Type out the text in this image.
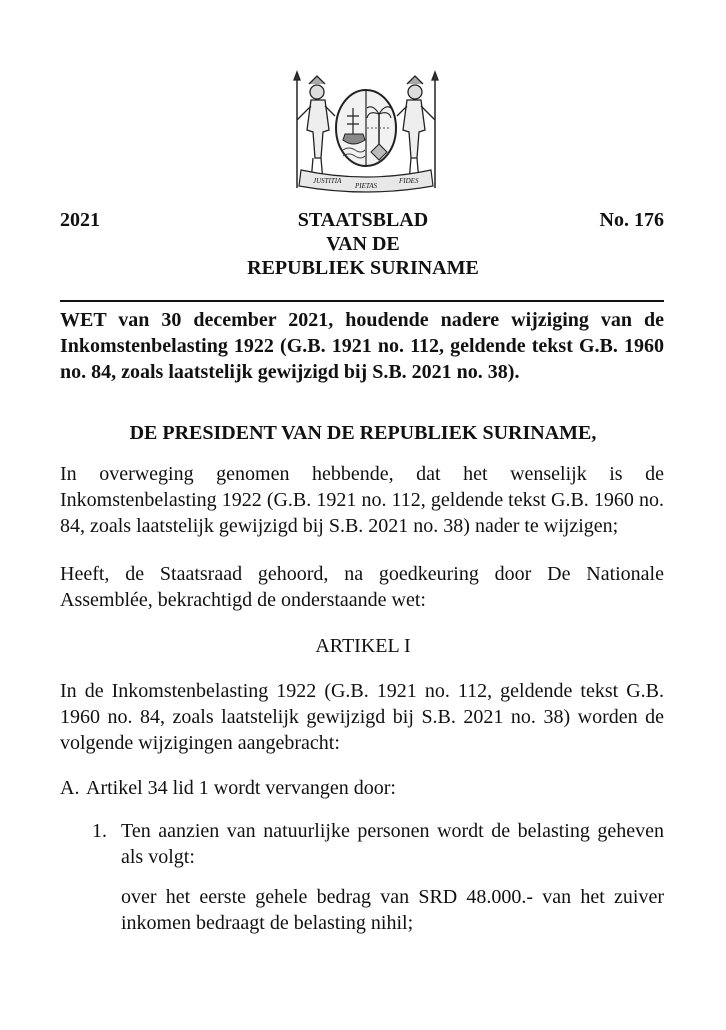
JUSTITIA
PIETAS
FIDES
2021	STAATSBLAD
VAN DE
REPUBLIEK SURINAME
No. 176
WET van 30 december 2021, houdende nadere wijziging van de Inkomstenbelasting 1922 (G.B. 1921 no. 112, geldende tekst G.B. 1960 no. 84, zoals laatstelijk gewijzigd bij S.B. 2021 no. 38).
DE PRESIDENT VAN DE REPUBLIEK SURINAME,
In overweging genomen hebbende, dat het wenselijk is de Inkomstenbelasting 1922 (G.B. 1921 no. 112, geldende tekst G.B. 1960 no. 84, zoals laatstelijk gewijzigd bij S.B. 2021 no. 38) nader te wijzigen;
Heeft, de Staatsraad gehoord, na goedkeuring door De Nationale Assemblée, bekrachtigd de onderstaande wet:
ARTIKEL I
In de Inkomstenbelasting 1922 (G.B. 1921 no. 112, geldende tekst G.B. 1960 no. 84, zoals laatstelijk gewijzigd bij S.B. 2021 no. 38) worden de volgende wijzigingen aangebracht:
A. Artikel 34 lid 1 wordt vervangen door:
1. Ten aanzien van natuurlijke personen wordt de belasting geheven als volgt:
over het eerste gehele bedrag van SRD 48.000.- van het zuiver inkomen bedraagt de belasting nihil;
